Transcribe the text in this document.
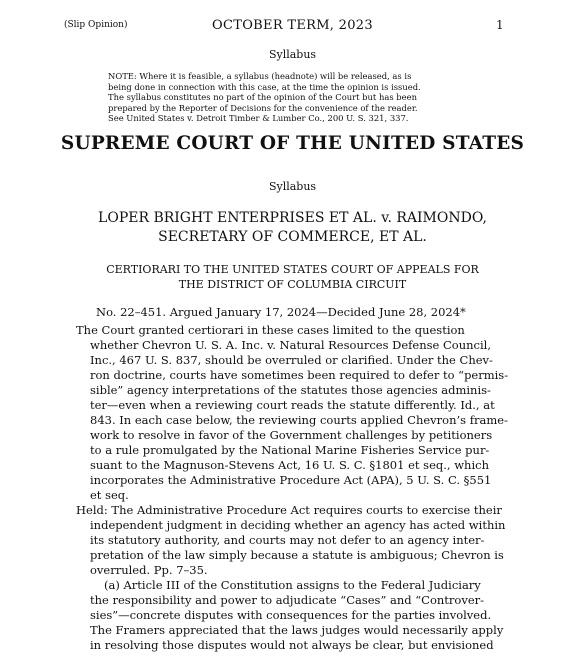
(Slip Opinion)	OCTOBER TERM, 2023	1
Syllabus
NOTE: Where it is feasible, a syllabus (headnote) will be released, as is
being done in connection with this case, at the time the opinion is issued.
The syllabus constitutes no part of the opinion of the Court but has been
prepared by the Reporter of Decisions for the convenience of the reader.
See United States v. Detroit Timber & Lumber Co., 200 U. S. 321, 337.
SUPREME COURT OF THE UNITED STATES
Syllabus
LOPER BRIGHT ENTERPRISES ET AL. v. RAIMONDO,
SECRETARY OF COMMERCE, ET AL.
CERTIORARI TO THE UNITED STATES COURT OF APPEALS FOR
THE DISTRICT OF COLUMBIA CIRCUIT
No. 22–451. Argued January 17, 2024—Decided June 28, 2024*
The Court granted certiorari in these cases limited to the question
whether Chevron U. S. A. Inc. v. Natural Resources Defense Council,
Inc., 467 U. S. 837, should be overruled or clarified. Under the Chev-
ron doctrine, courts have sometimes been required to defer to “permis-
sible” agency interpretations of the statutes those agencies adminis-
ter—even when a reviewing court reads the statute differently. Id., at
843. In each case below, the reviewing courts applied Chevron’s frame-
work to resolve in favor of the Government challenges by petitioners
to a rule promulgated by the National Marine Fisheries Service pur-
suant to the Magnuson-Stevens Act, 16 U. S. C. §1801 et seq., which
incorporates the Administrative Procedure Act (APA), 5 U. S. C. §551
et seq.
Held: The Administrative Procedure Act requires courts to exercise their
independent judgment in deciding whether an agency has acted within
its statutory authority, and courts may not defer to an agency inter-
pretation of the law simply because a statute is ambiguous; Chevron is
overruled. Pp. 7–35.
(a) Article III of the Constitution assigns to the Federal Judiciary
the responsibility and power to adjudicate “Cases” and “Controver-
sies”—concrete disputes with consequences for the parties involved.
The Framers appreciated that the laws judges would necessarily apply
in resolving those disputes would not always be clear, but envisioned
